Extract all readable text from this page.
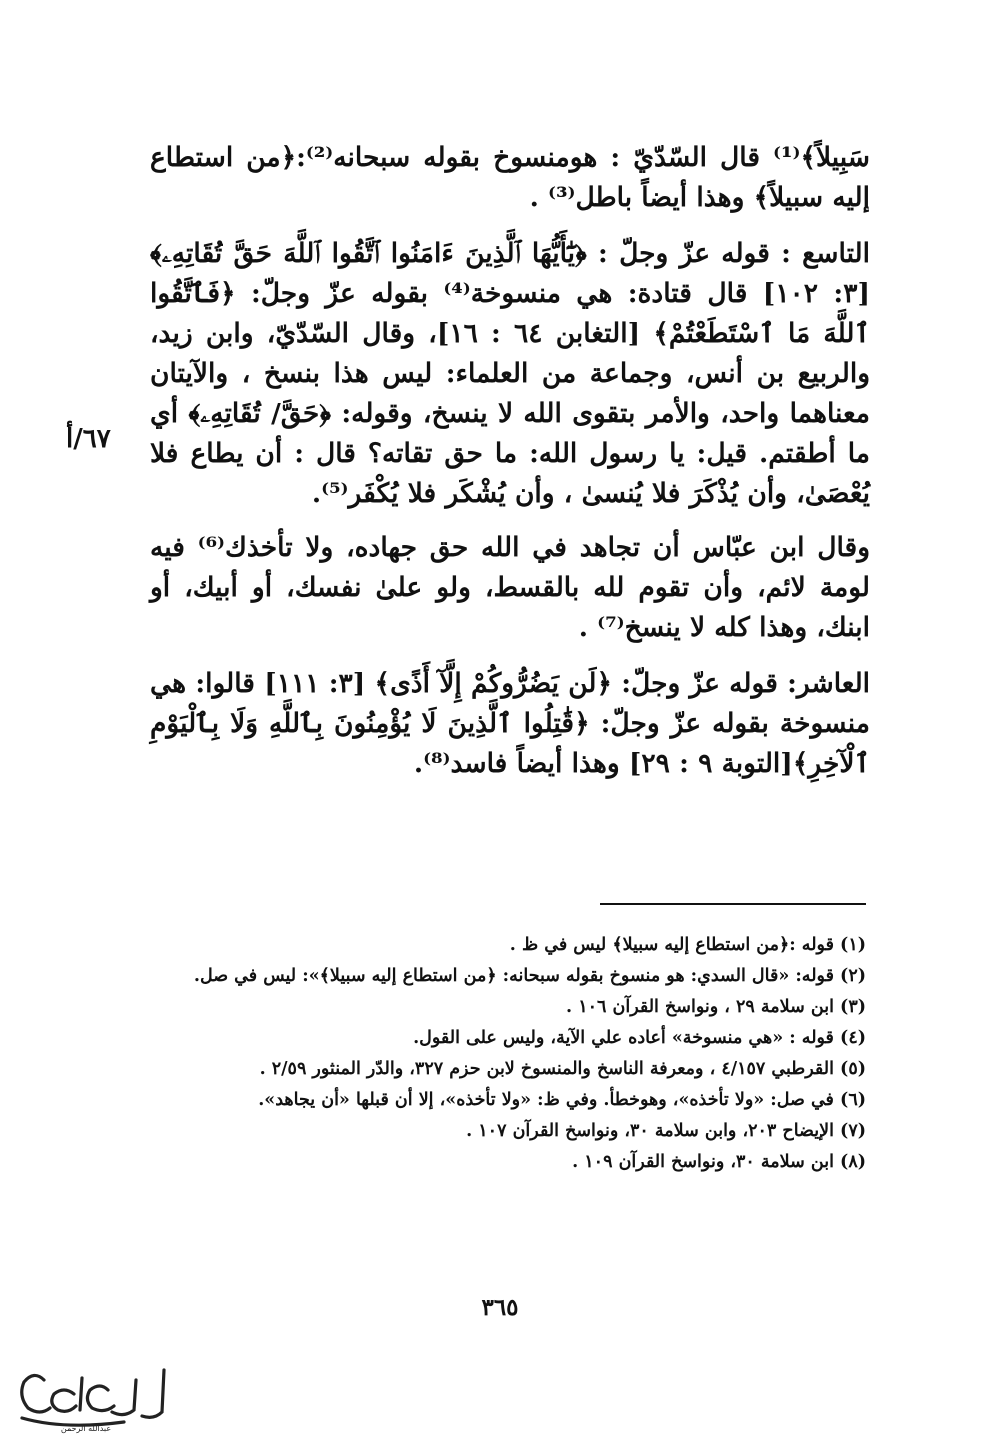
سَبِيلاً﴾⁽¹⁾ قال السّدّيّ : هومنسوخ بقوله سبحانه⁽²⁾:﴿من استطاع إليه سبيلاً﴾ وهذا أيضاً باطل⁽³⁾ .

التاسع : قوله عزّ وجلّ : ﴿يَٰٓأَيُّهَا ٱلَّذِينَ ءَامَنُوا ٱتَّقُوا ٱللَّهَ حَقَّ تُقَاتِهِۦ﴾ [٣: ١٠٢] قال قتادة: هي منسوخة⁽⁴⁾ بقوله عزّ وجلّ: ﴿فَٱتَّقُوا ٱللَّهَ مَا ٱسْتَطَعْتُمْ﴾ [التغابن ٦٤ : ١٦]، وقال السّدّيّ، وابن زيد، والربيع بن أنس، وجماعة من العلماء: ليس هذا بنسخ ، والآيتان معناهما واحد، والأمر بتقوى الله لا ينسخ، وقوله: ﴿حَقَّ/ تُقَاتِهِۦ﴾ أي ما أطقتم. قيل: يا رسول الله: ما حق تقاته؟ قال : أن يطاع فلا يُعْصَىٰ، وأن يُذْكَرَ فلا يُنسىٰ ، وأن يُشْكَر فلا يُكْفَر⁽⁵⁾.

وقال ابن عبّاس أن تجاهد في الله حق جهاده، ولا تأخذك⁽⁶⁾ فيه لومة لائم، وأن تقوم لله بالقسط، ولو علىٰ نفسك، أو أبيك، أو ابنك، وهذا كله لا ينسخ⁽⁷⁾ .

العاشر: قوله عزّ وجلّ: ﴿لَن يَضُرُّوكُمْ إِلَّآ أَذًى﴾ [٣: ١١١] قالوا: هي منسوخة بقوله عزّ وجلّ: ﴿قَٰتِلُوا ٱلَّذِينَ لَا يُؤْمِنُونَ بِٱللَّهِ وَلَا بِٱلْيَوْمِ ٱلْآخِرِ﴾[التوبة ٩ : ٢٩] وهذا أيضاً فاسد⁽⁸⁾.

٦٧/أ

(١) قوله :﴿من استطاع إليه سبيلا﴾ ليس في ظ .

(٢) قوله: «قال السدي: هو منسوخ بقوله سبحانه: ﴿من استطاع إليه سبيلا﴾»: ليس في صل.

(٣) ابن سلامة ٢٩ ، ونواسخ القرآن ١٠٦ .

(٤) قوله : «هي منسوخة» أعاده علي الآية، وليس على القول.

(٥) القرطبي ٤/١٥٧ ، ومعرفة الناسخ والمنسوخ لابن حزم ٣٢٧، والدّر المنثور ٢/٥٩ .

(٦) في صل: «ولا تأخذه»، وهوخطأ. وفي ظ: «ولا تأخذه»، إلا أن قبلها «أن يجاهد».

(٧) الإيضاح ٢٠٣، وابن سلامة ٣٠، ونواسخ القرآن ١٠٧ .

(٨) ابن سلامة ٣٠، ونواسخ القرآن ١٠٩ .

٣٦٥
عبدالله الرحمن
